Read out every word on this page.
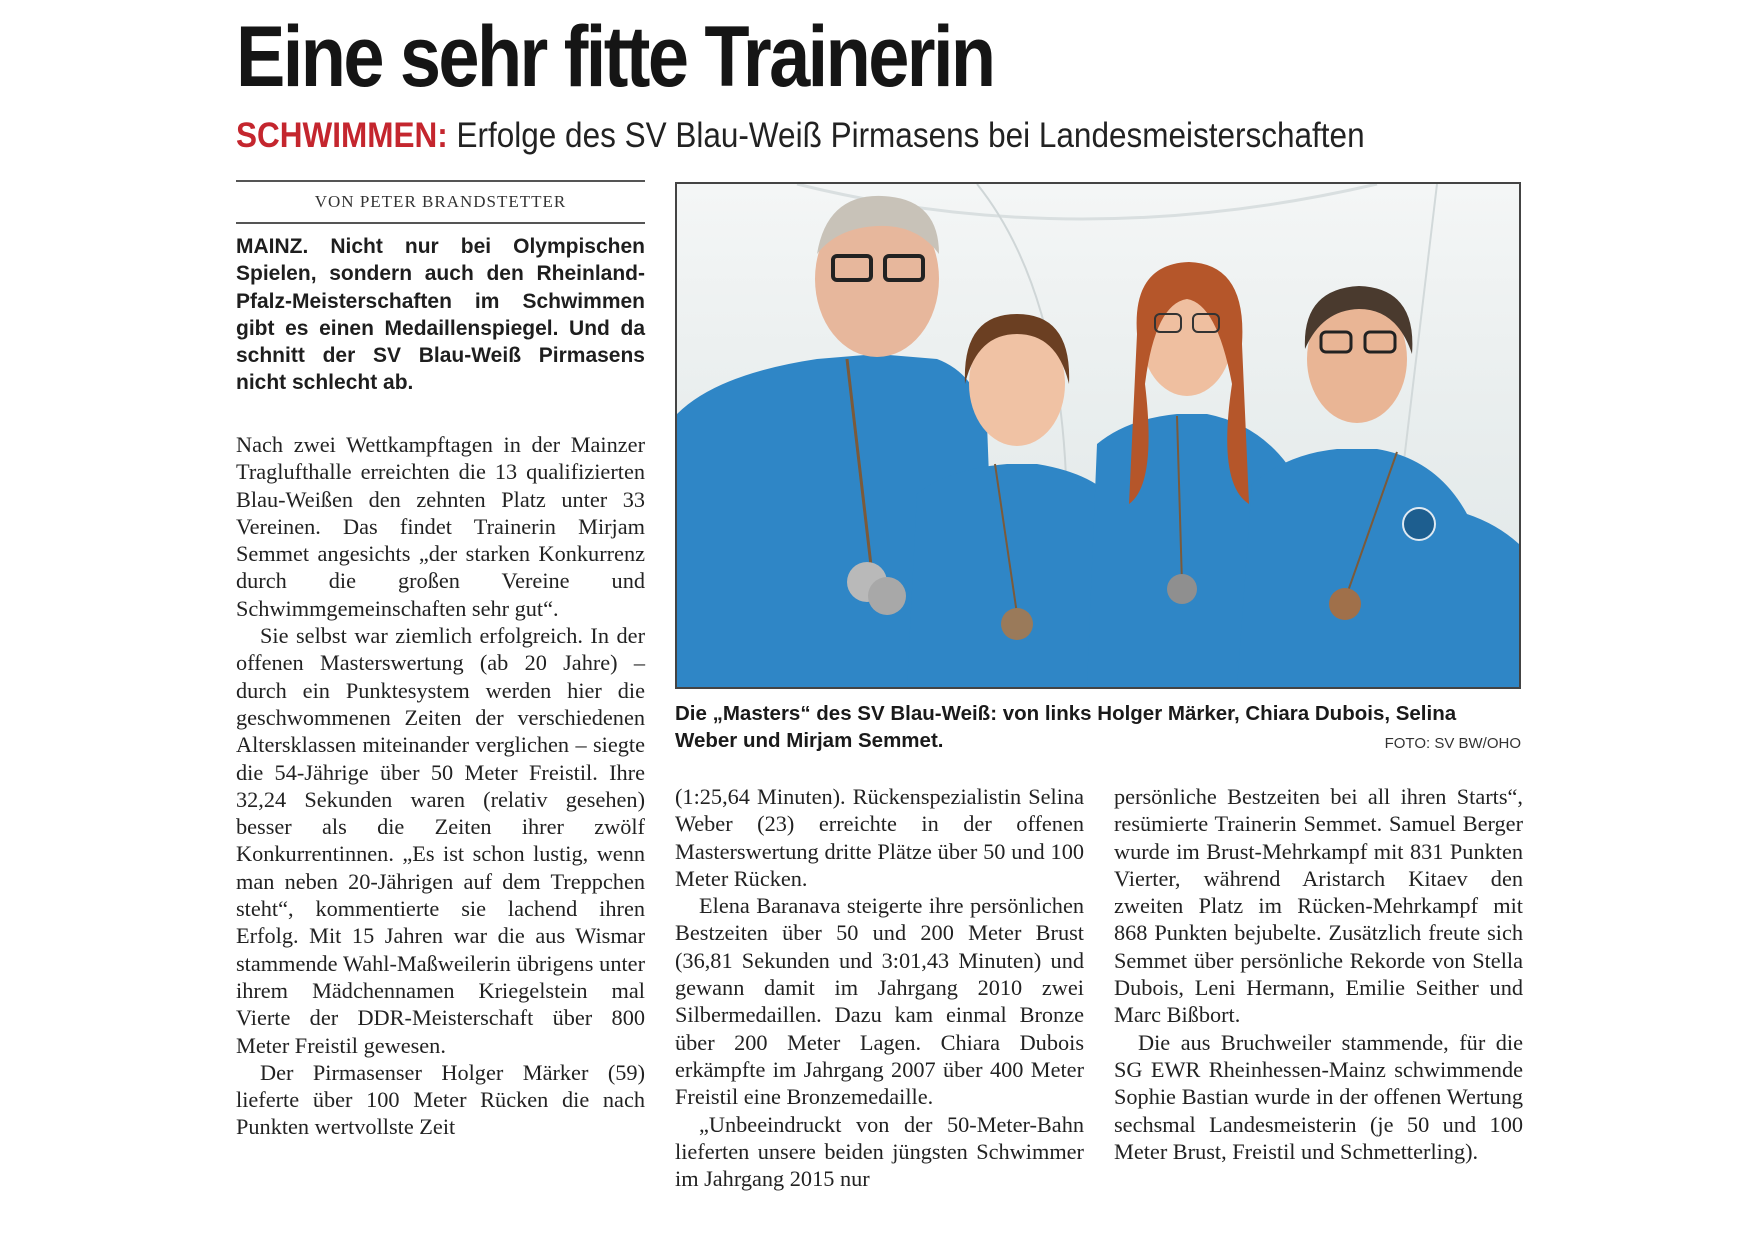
Eine sehr fitte Trainerin
SCHWIMMEN: Erfolge des SV Blau-Weiß Pirmasens bei Landesmeisterschaften
VON PETER BRANDSTETTER

MAINZ. Nicht nur bei Olympischen Spielen, sondern auch den Rheinland-Pfalz-Meisterschaften im Schwimmen gibt es einen Medaillenspiegel. Und da schnitt der SV Blau-Weiß Pirmasens nicht schlecht ab.

Die „Masters“ des SV Blau-Weiß: von links Holger Märker, Chiara Dubois, Selina Weber und Mirjam Semmet.	FOTO: SV BW/OHO

Nach zwei Wettkampftagen in der Mainzer Traglufthalle erreichten die 13 qualifizierten Blau-Weißen den zehnten Platz unter 33 Vereinen. Das findet Trainerin Mirjam Semmet angesichts „der starken Konkurrenz durch die großen Vereine und Schwimmgemeinschaften sehr gut“.

Sie selbst war ziemlich erfolgreich. In der offenen Masterswertung (ab 20 Jahre) – durch ein Punktesystem werden hier die geschwommenen Zeiten der verschiedenen Altersklassen miteinander verglichen – siegte die 54-Jährige über 50 Meter Freistil. Ihre 32,24 Sekunden waren (relativ gesehen) besser als die Zeiten ihrer zwölf Konkurrentinnen. „Es ist schon lustig, wenn man neben 20-Jährigen auf dem Treppchen steht“, kommentierte sie lachend ihren Erfolg. Mit 15 Jahren war die aus Wismar stammende Wahl-Maßweilerin übrigens unter ihrem Mädchennamen Kriegelstein mal Vierte der DDR-Meisterschaft über 800 Meter Freistil gewesen.

Der Pirmasenser Holger Märker (59) lieferte über 100 Meter Rücken die nach Punkten wertvollste Zeit

(1:25,64 Minuten). Rückenspezialistin Selina Weber (23) erreichte in der offenen Masterswertung dritte Plätze über 50 und 100 Meter Rücken.

Elena Baranava steigerte ihre persönlichen Bestzeiten über 50 und 200 Meter Brust (36,81 Sekunden und 3:01,43 Minuten) und gewann damit im Jahrgang 2010 zwei Silbermedaillen. Dazu kam einmal Bronze über 200 Meter Lagen. Chiara Dubois erkämpfte im Jahrgang 2007 über 400 Meter Freistil eine Bronzemedaille.

„Unbeeindruckt von der 50-Meter-Bahn lieferten unsere beiden jüngsten Schwimmer im Jahrgang 2015 nur

persönliche Bestzeiten bei all ihren Starts“, resümierte Trainerin Semmet. Samuel Berger wurde im Brust-Mehrkampf mit 831 Punkten Vierter, während Aristarch Kitaev den zweiten Platz im Rücken-Mehrkampf mit 868 Punkten bejubelte. Zusätzlich freute sich Semmet über persönliche Rekorde von Stella Dubois, Leni Hermann, Emilie Seither und Marc Bißbort.

Die aus Bruchweiler stammende, für die SG EWR Rheinhessen-Mainz schwimmende Sophie Bastian wurde in der offenen Wertung sechsmal Landesmeisterin (je 50 und 100 Meter Brust, Freistil und Schmetterling).
